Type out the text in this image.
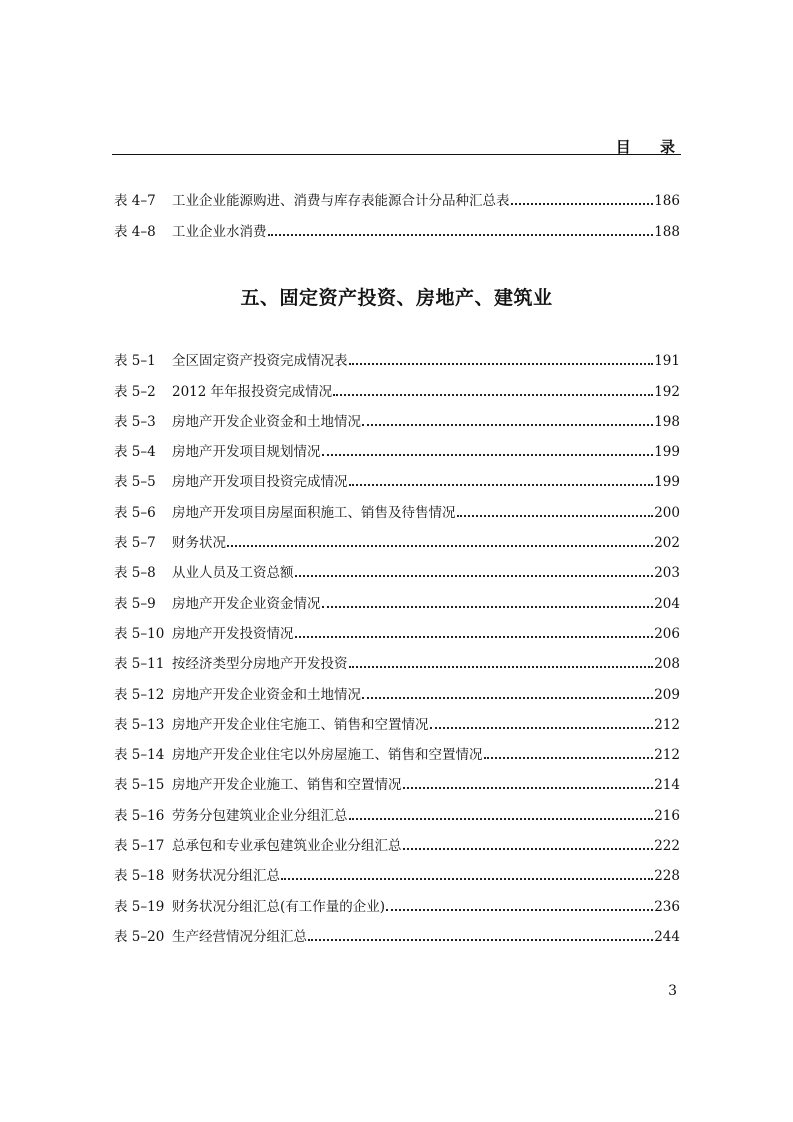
目 录
表 4–7	工业企业能源购进、消费与库存表能源合计分品种汇总表	186
表 4–8	工业企业水消费	188
五、固定资产投资、房地产、建筑业
表 5–1	全区固定资产投资完成情况表	191
表 5–2	2012 年年报投资完成情况	192
表 5–3	房地产开发企业资金和土地情况	198
表 5–4	房地产开发项目规划情况	199
表 5–5	房地产开发项目投资完成情况	199
表 5–6	房地产开发项目房屋面积施工、销售及待售情况	200
表 5–7	财务状况	202
表 5–8	从业人员及工资总额	203
表 5–9	房地产开发企业资金情况	204
表 5–10 房地产开发投资情况	206
表 5–11 按经济类型分房地产开发投资	208
表 5–12 房地产开发企业资金和土地情况	209
表 5–13 房地产开发企业住宅施工、销售和空置情况	212
表 5–14 房地产开发企业住宅以外房屋施工、销售和空置情况	212
表 5–15 房地产开发企业施工、销售和空置情况	214
表 5–16 劳务分包建筑业企业分组汇总	216
表 5–17 总承包和专业承包建筑业企业分组汇总	222
表 5–18 财务状况分组汇总	228
表 5–19 财务状况分组汇总(有工作量的企业)	236
表 5–20 生产经营情况分组汇总	244
3
